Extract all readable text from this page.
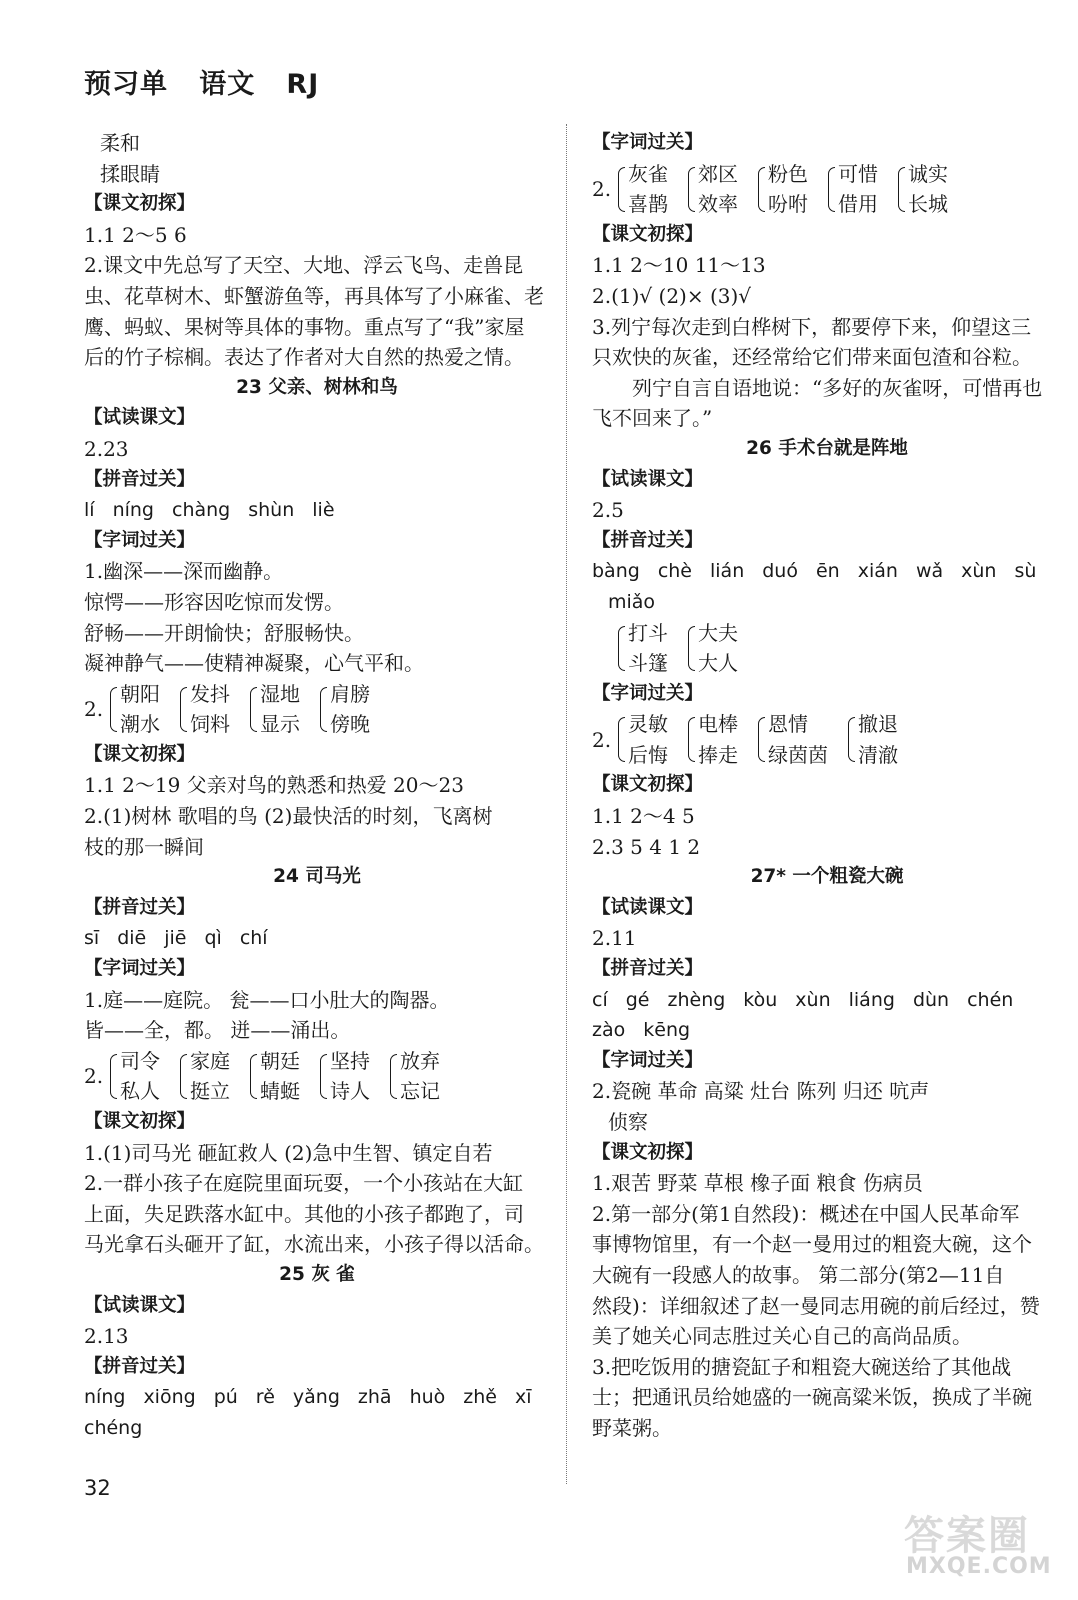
预习单   语文   RJ
柔和
揉眼睛
【课文初探】
1.1 2～5 6
2.课文中先总写了天空、大地、浮云飞鸟、走兽昆
虫、花草树木、虾蟹游鱼等，再具体写了小麻雀、老
鹰、蚂蚁、果树等具体的事物。重点写了“我”家屋
后的竹子棕榈。表达了作者对大自然的热爱之情。
23 父亲、树林和鸟
【试读课文】
2.23
【拼音过关】
lí níng chàng shùn liè
【字词过关】
1.幽深——深而幽静。
惊愕——形容因吃惊而发愣。
舒畅——开朗愉快；舒服畅快。
凝神静气——使精神凝聚，心气平和。
2.
朝阳
潮水
发抖
饲料
湿地
显示
肩膀
傍晚
【课文初探】
1.1 2～19 父亲对鸟的熟悉和热爱 20～23
2.(1)树林 歌唱的鸟 (2)最快活的时刻，飞离树
枝的那一瞬间
24 司马光
【拼音过关】
sī diē jiē qì chí
【字词过关】
1.庭——庭院。 瓮——口小肚大的陶器。
皆——全，都。 迸——涌出。
2.
司令
私人
家庭
挺立
朝廷
蜻蜓
坚持
诗人
放弃
忘记
【课文初探】
1.(1)司马光 砸缸救人 (2)急中生智、镇定自若
2.一群小孩子在庭院里面玩耍，一个小孩站在大缸
上面，失足跌落水缸中。其他的小孩子都跑了，司
马光拿石头砸开了缸，水流出来，小孩子得以活命。
25 灰 雀
【试读课文】
2.13
【拼音过关】
níng xiōng pú rě yǎng zhā huò zhě xī
chéng
【字词过关】
2.
灰雀
喜鹊
郊区
效率
粉色
吩咐
可惜
借用
诚实
长城
【课文初探】
1.1 2～10 11～13
2.(1)√ (2)× (3)√
3.列宁每次走到白桦树下，都要停下来，仰望这三
只欢快的灰雀，还经常给它们带来面包渣和谷粒。
列宁自言自语地说：“多好的灰雀呀，可惜再也
飞不回来了。”
26 手术台就是阵地
【试读课文】
2.5
【拼音过关】
bàng chè lián duó ēn xián wǎ xùn sù
miǎo
打斗
斗篷
大夫
大人
【字词过关】
2.
灵敏
后悔
电棒
捧走
恩情
绿茵茵
撤退
清澈
【课文初探】
1.1 2～4 5
2.3 5 4 1 2
27* 一个粗瓷大碗
【试读课文】
2.11
【拼音过关】
cí gé zhèng kòu xùn liáng dùn chén
zào kēng
【字词过关】
2.瓷碗 革命 高粱 灶台 陈列 归还 吭声
侦察
【课文初探】
1.艰苦 野菜 草根 橡子面 粮食 伤病员
2.第一部分(第1自然段)：概述在中国人民革命军
事博物馆里，有一个赵一曼用过的粗瓷大碗，这个
大碗有一段感人的故事。 第二部分(第2—11自
然段)：详细叙述了赵一曼同志用碗的前后经过，赞
美了她关心同志胜过关心自己的高尚品质。
3.把吃饭用的搪瓷缸子和粗瓷大碗送给了其他战
士；把通讯员给她盛的一碗高粱米饭，换成了半碗
野菜粥。
32
答案圈
MXQE.COM
